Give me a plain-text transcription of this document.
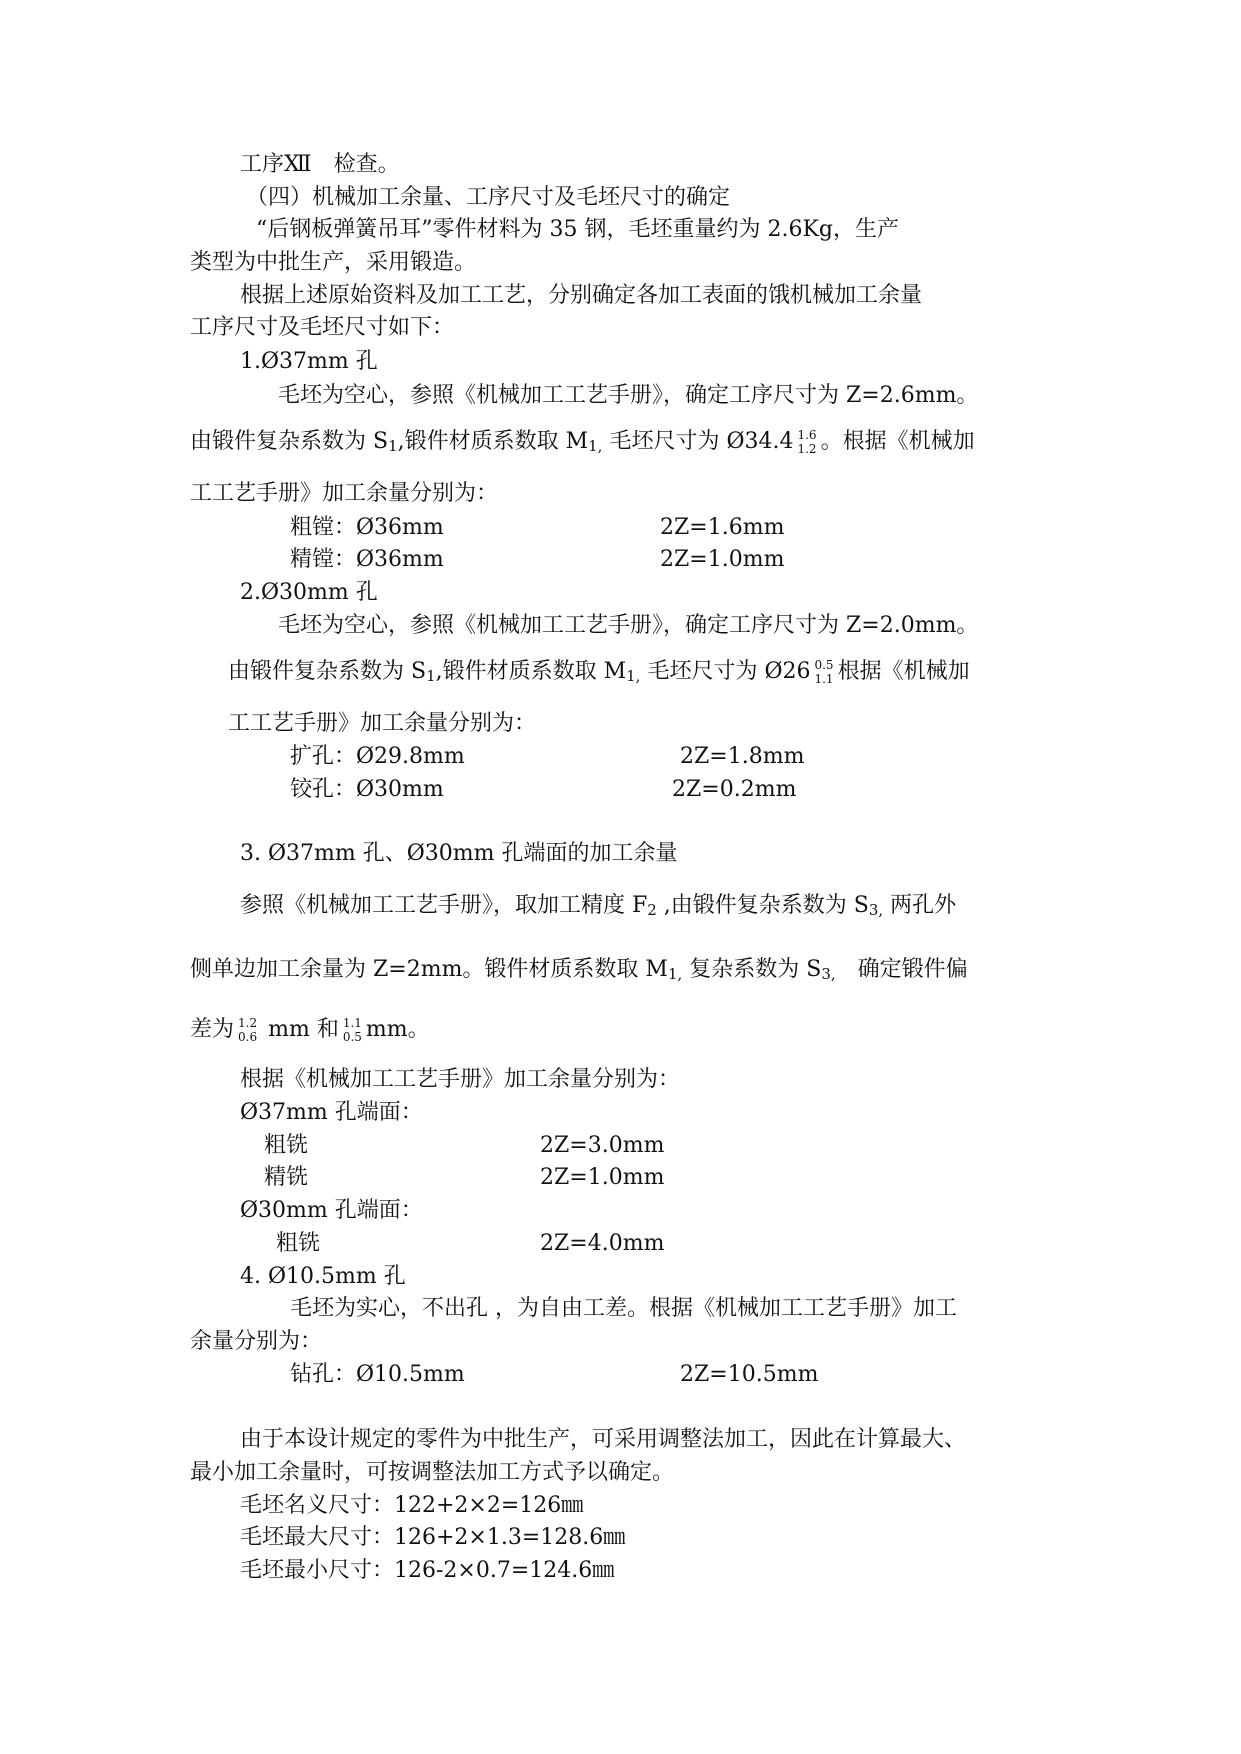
工序Ⅻ　检查。
（四）机械加工余量、工序尺寸及毛坯尺寸的确定
“后钢板弹簧吊耳”零件材料为 35 钢，毛坯重量约为 2.6Kg，生产
类型为中批生产，采用锻造。
根据上述原始资料及加工工艺，分别确定各加工表面的饿机械加工余量
工序尺寸及毛坯尺寸如下：
1.Ø37mm 孔
毛坯为空心，参照《机械加工工艺手册》，确定工序尺寸为 Z=2.6mm。
由锻件复杂系数为 $S_1$,锻件材质系数取 $M_{1,}$ 毛坯尺寸为 Ø34.4 1.6
1.2 。根据《机械加
工工艺手册》加工余量分别为：
粗镗：Ø36mm	2Z=1.6mm
精镗：Ø36mm	2Z=1.0mm
2.Ø30mm 孔
毛坯为空心，参照《机械加工工艺手册》，确定工序尺寸为 Z=2.0mm。
由锻件复杂系数为 $S_1$,锻件材质系数取 $M_{1,}$ 毛坯尺寸为 Ø26 0.5
1.1 根据《机械加
工工艺手册》加工余量分别为：
扩孔：Ø29.8mm	2Z=1.8mm
铰孔：Ø30mm	2Z=0.2mm
3. Ø37mm 孔、Ø30mm 孔端面的加工余量
参照《机械加工工艺手册》，取加工精度 $F_2$ ,由锻件复杂系数为 $S_{3,}$ 两孔外
侧单边加工余量为 Z=2mm。锻件材质系数取 $M_{1,}$ 复杂系数为 $S_{3,}$　确定锻件偏
差为 1.2
0.6 mm 和 1.1
0.5 mm。
根据《机械加工工艺手册》加工余量分别为：
Ø37mm 孔端面：
粗铣	2Z=3.0mm
精铣	2Z=1.0mm
Ø30mm 孔端面：
粗铣	2Z=4.0mm
4. Ø10.5mm 孔
毛坯为实心，不出孔 ，为自由工差。根据《机械加工工艺手册》加工
余量分别为：
钻孔：Ø10.5mm	2Z=10.5mm
由于本设计规定的零件为中批生产，可采用调整法加工，因此在计算最大、
最小加工余量时，可按调整法加工方式予以确定。
毛坯名义尺寸：122+2×2=126㎜
毛坯最大尺寸：126+2×1.3=128.6㎜
毛坯最小尺寸：126-2×0.7=124.6㎜
